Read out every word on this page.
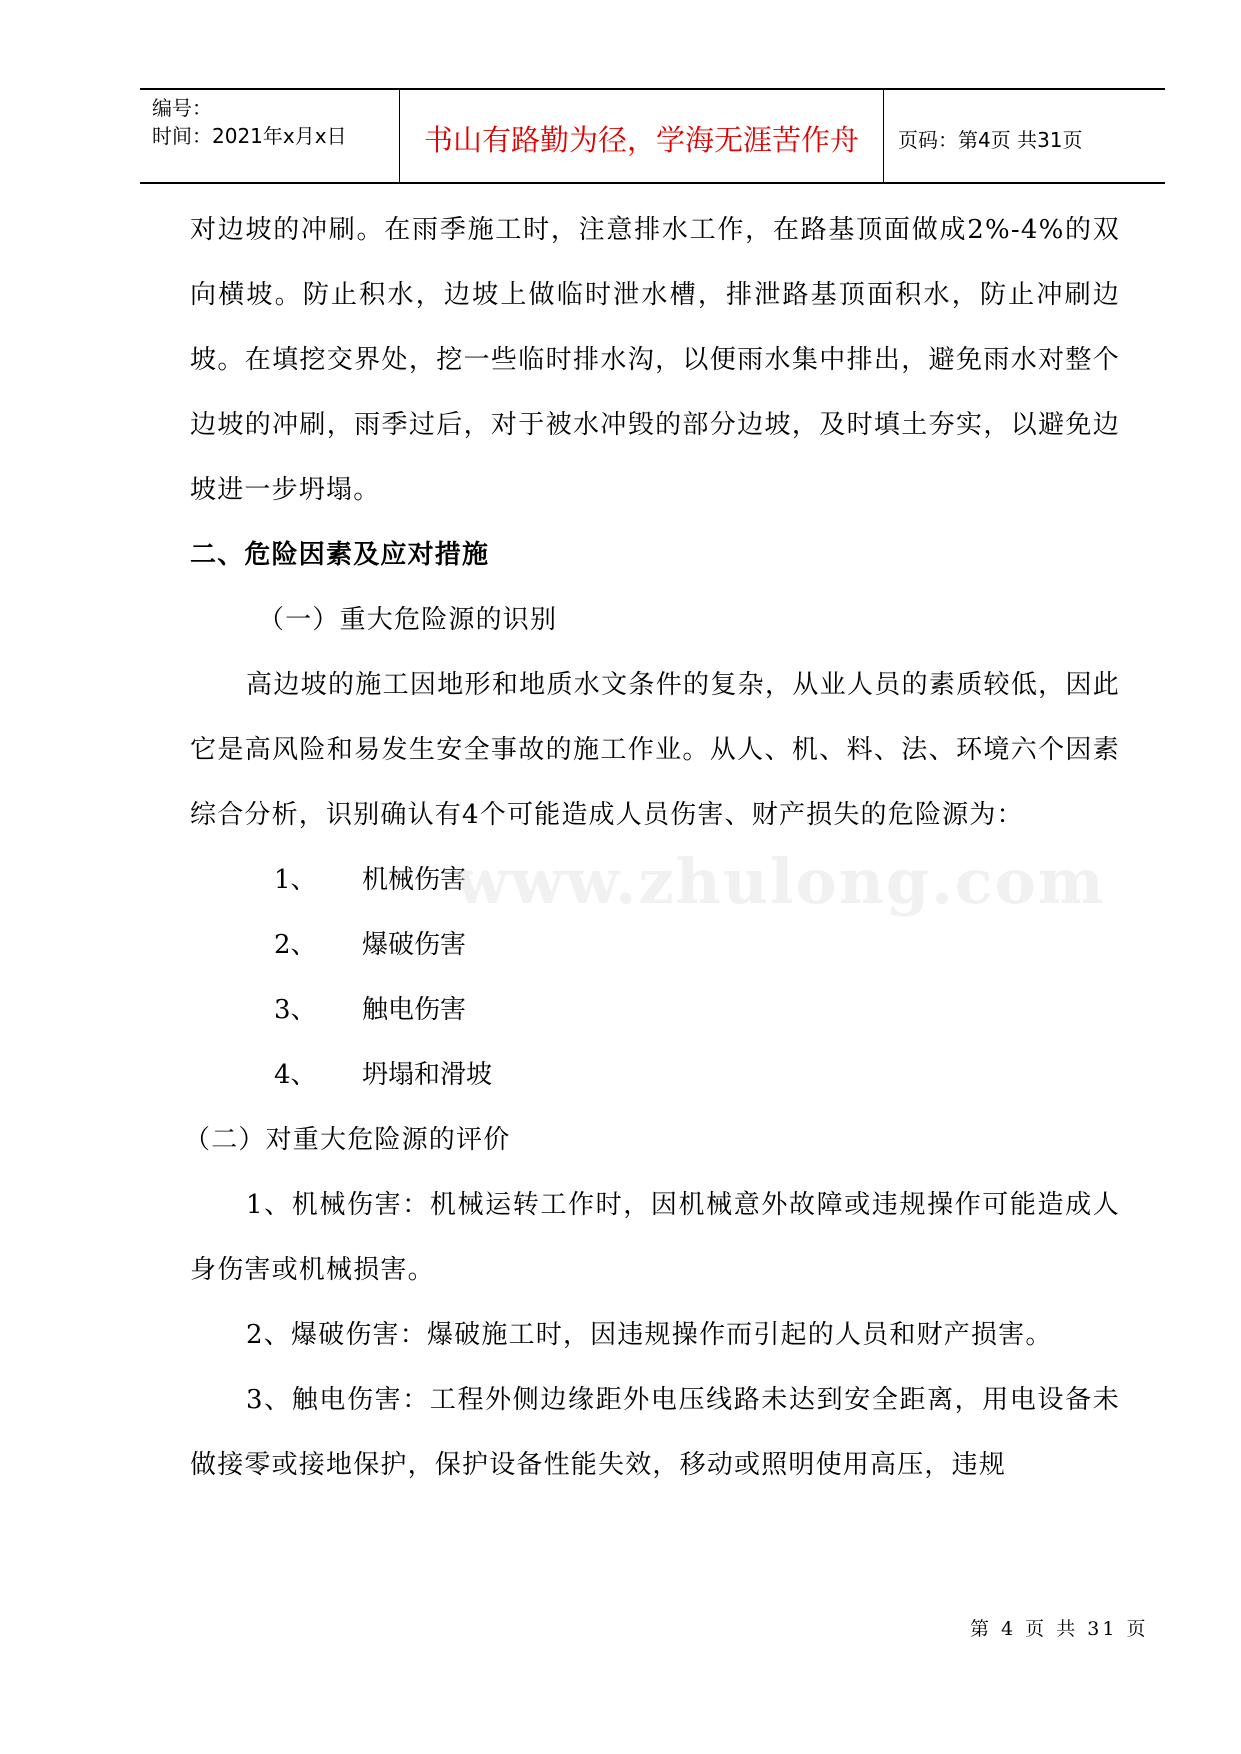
编号：
时间：2021年x月x日	书山有路勤为径，学海无涯苦作舟	页码：第4页 共31页

对边坡的冲刷。在雨季施工时，注意排水工作，在路基顶面做成2%-4%的双向横坡。防止积水，边坡上做临时泄水槽，排泄路基顶面积水，防止冲刷边坡。在填挖交界处，挖一些临时排水沟，以便雨水集中排出，避免雨水对整个边坡的冲刷，雨季过后，对于被水冲毁的部分边坡，及时填土夯实，以避免边坡进一步坍塌。

二、危险因素及应对措施

（一）重大危险源的识别

高边坡的施工因地形和地质水文条件的复杂，从业人员的素质较低，因此它是高风险和易发生安全事故的施工作业。从人、机、料、法、环境六个因素综合分析，识别确认有4个可能造成人员伤害、财产损失的危险源为：

1、	机械伤害
2、	爆破伤害
3、	触电伤害
4、	坍塌和滑坡

（二）对重大危险源的评价

1、机械伤害：机械运转工作时，因机械意外故障或违规操作可能造成人身伤害或机械损害。

2、爆破伤害：爆破施工时，因违规操作而引起的人员和财产损害。

3、触电伤害：工程外侧边缘距外电压线路未达到安全距离，用电设备未做接零或接地保护，保护设备性能失效，移动或照明使用高压，违规

www.zhulong.com
第 4 页 共 31 页
